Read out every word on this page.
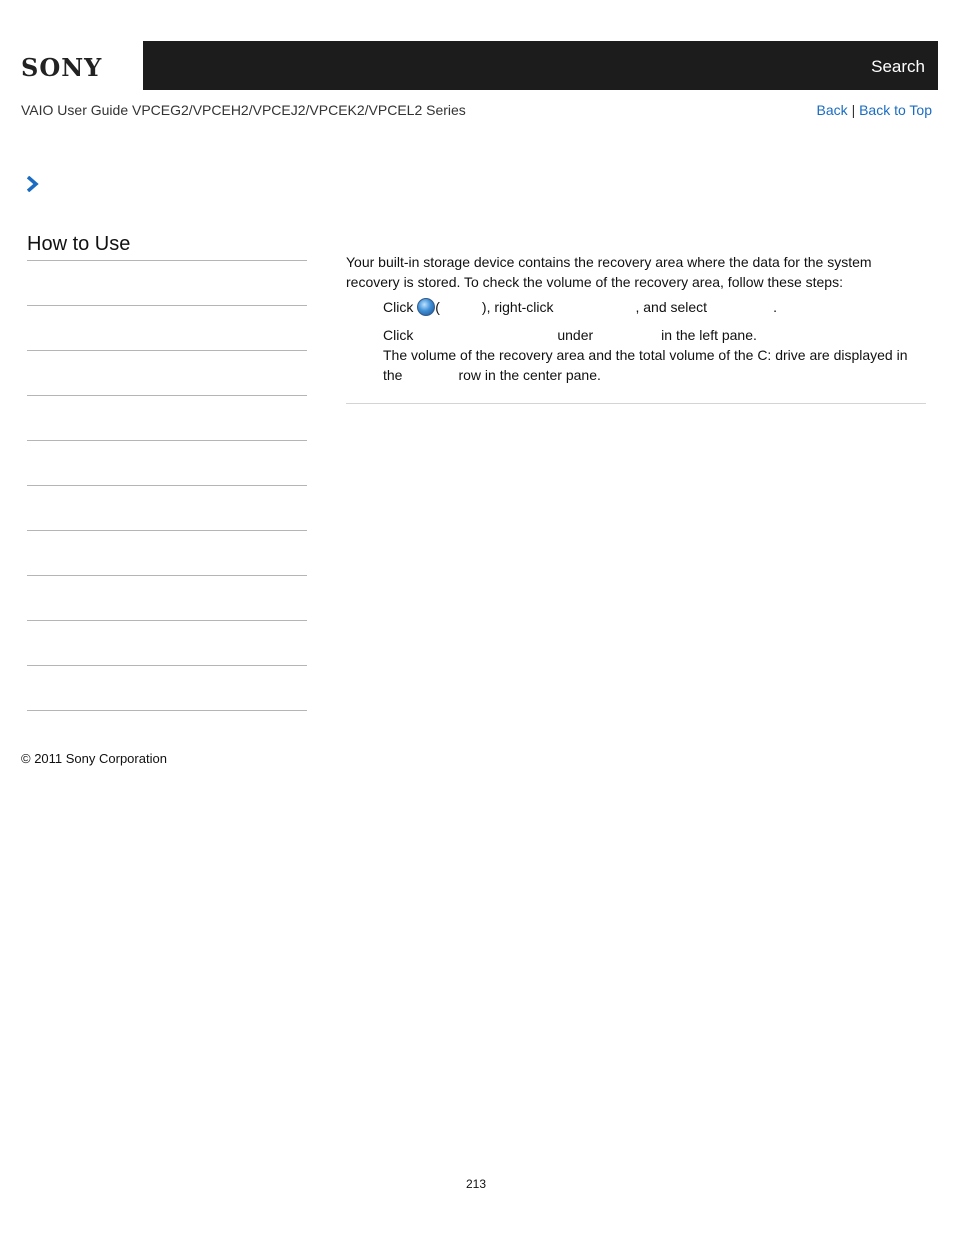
SONY	Search
VAIO User Guide VPCEG2/VPCEH2/VPCEJ2/VPCEK2/VPCEL2 Series	Back | Back to Top
How to Use

Your built-in storage device contains the recovery area where the data for the system recovery is stored. To check the volume of the recovery area, follow these steps:

Click (	), right-click	, and select	.
Click	under	in the left pane.
The volume of the recovery area and the total volume of the C: drive are displayed in
the	row in the center pane.
© 2011 Sony Corporation
213
